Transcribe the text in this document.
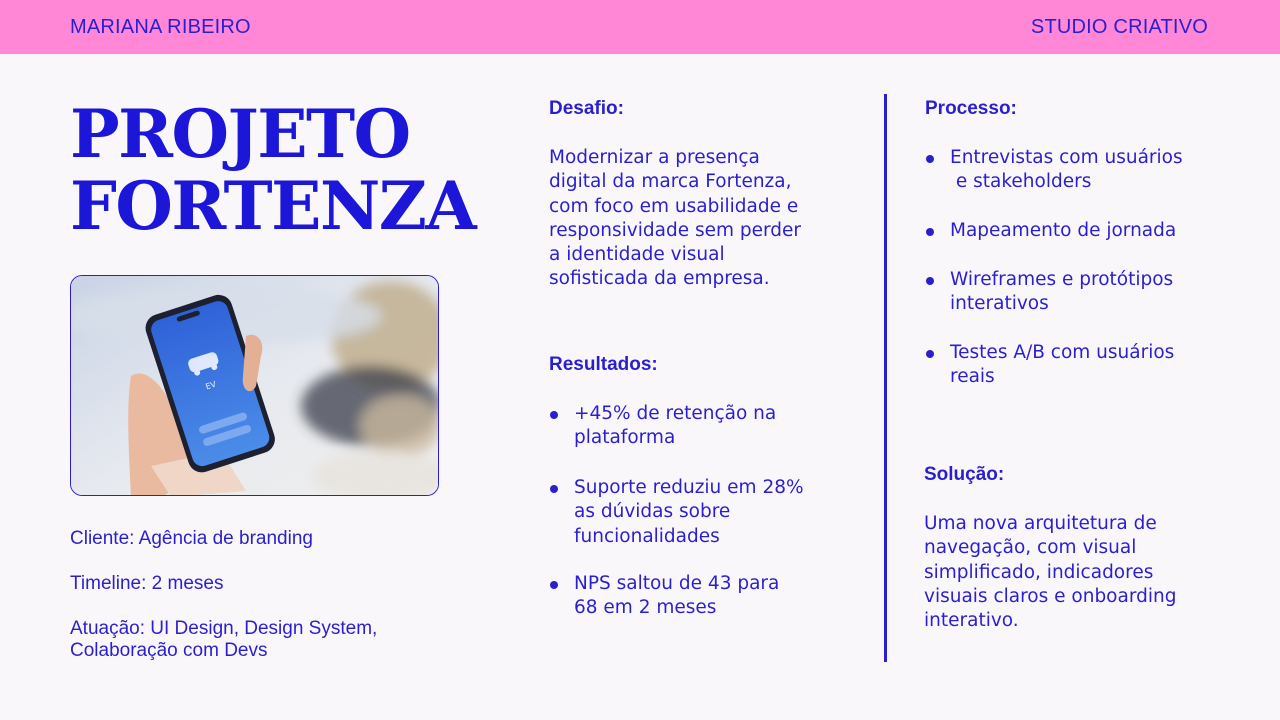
MARIANA RIBEIRO	STUDIO CRIATIVO
PROJETO
FORTENZA
EV
Cliente: Agência de branding
Timeline: 2 meses
Atuação: UI Design, Design System,
Colaboração com Devs
Desafio:
Modernizar a presença
digital da marca Fortenza,
com foco em usabilidade e
responsividade sem perder
a identidade visual
sofisticada da empresa.
Resultados:
+45% de retenção na
plataforma
Suporte reduziu em 28%
as dúvidas sobre
funcionalidades
NPS saltou de 43 para
68 em 2 meses
Processo:
Entrevistas com usuários
e stakeholders
Mapeamento de jornada
Wireframes e protótipos
interativos
Testes A/B com usuários
reais
Solução:
Uma nova arquitetura de
navegação, com visual
simplificado, indicadores
visuais claros e onboarding
interativo.
